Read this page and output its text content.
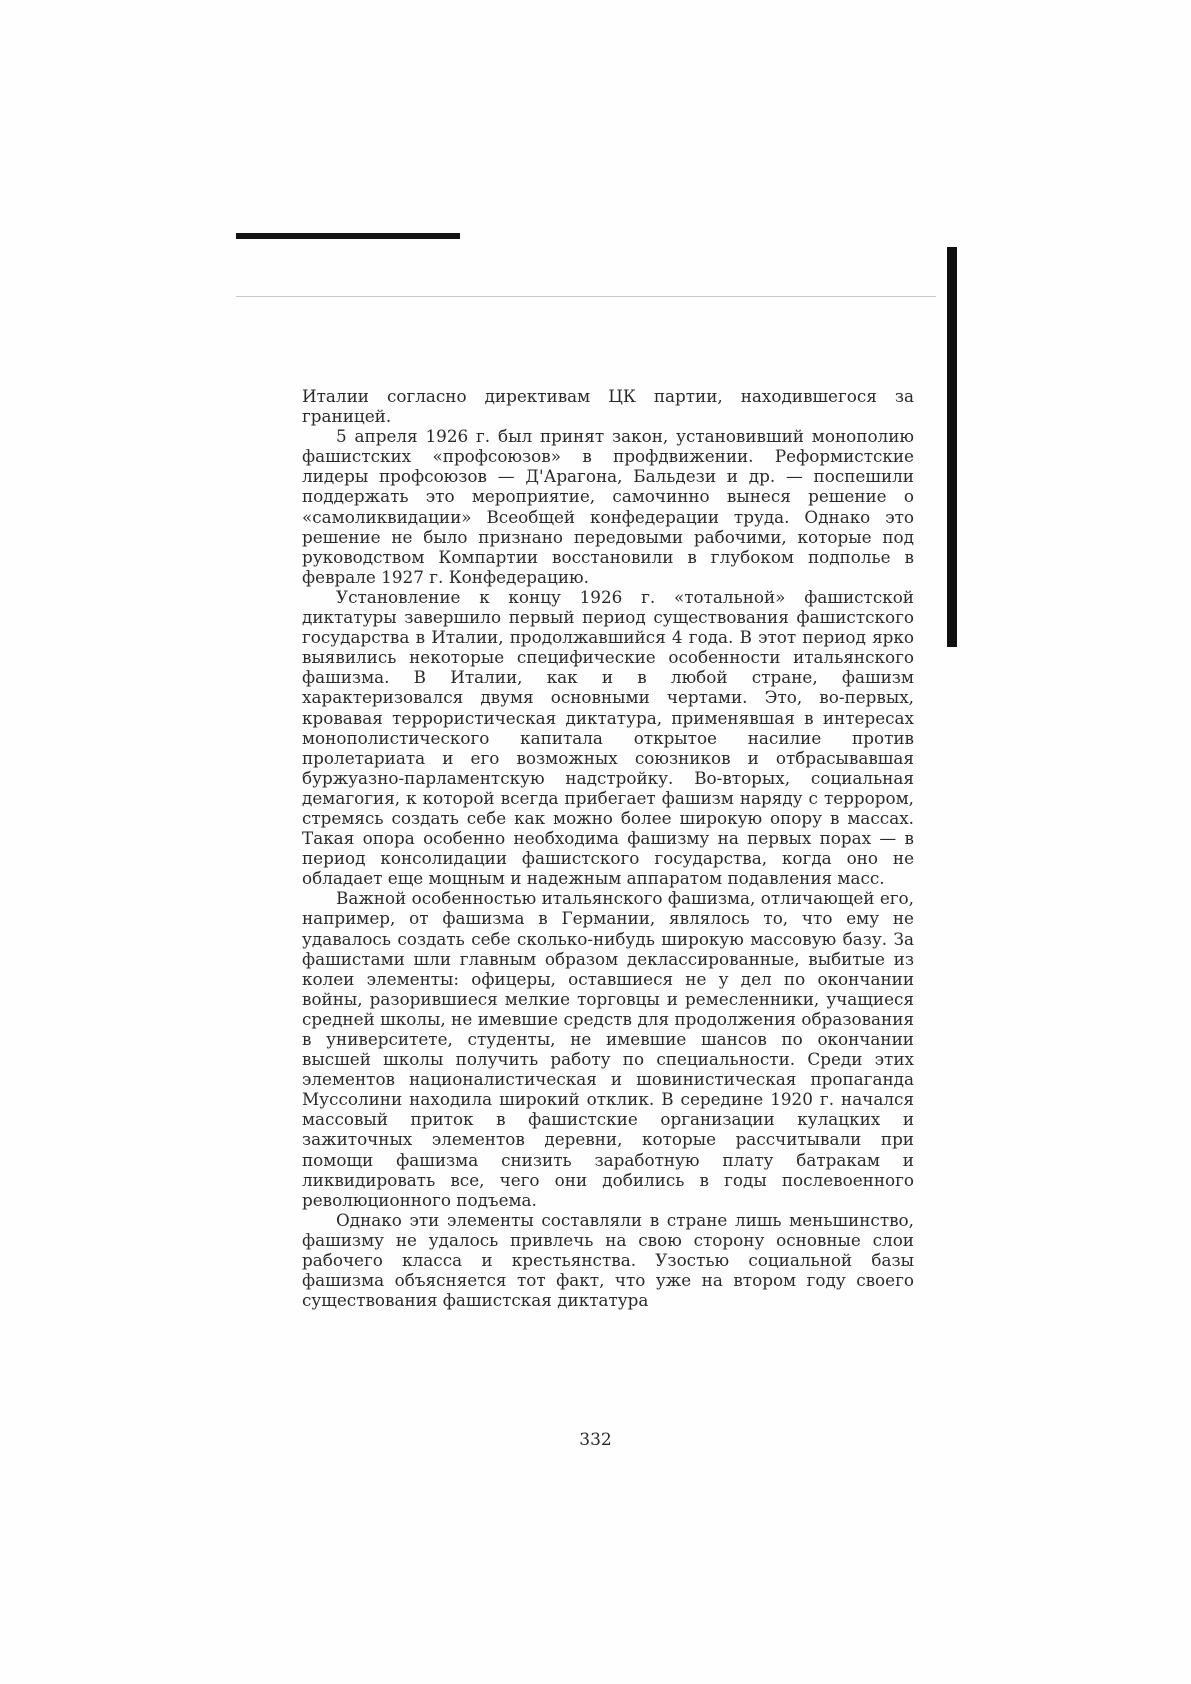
Италии согласно директивам ЦК партии, находившегося за границей.

5 апреля 1926 г. был принят закон, установивший монополию фашистских «профсоюзов» в профдвижении. Реформистские лидеры профсоюзов — Д'Арагона, Бальдези и др. — поспешили поддержать это мероприятие, самочинно вынеся решение о «самоликвидации» Всеобщей конфедерации труда. Однако это решение не было признано передовыми рабочими, которые под руководством Компартии восстановили в глубоком подполье в феврале 1927 г. Конфедерацию.

Установление к концу 1926 г. «тотальной» фашистской диктатуры завершило первый период существования фашистского государства в Италии, продолжавшийся 4 года. В этот период ярко выявились некоторые специфические особенности итальянского фашизма. В Италии, как и в любой стране, фашизм характеризовался двумя основными чертами. Это, во-первых, кровавая террористическая диктатура, применявшая в интересах монополистического капитала открытое насилие против пролетариата и его возможных союзников и отбрасывавшая буржуазно-парламентскую надстройку. Во-вторых, социальная демагогия, к которой всегда прибегает фашизм наряду с террором, стремясь создать себе как можно более широкую опору в массах. Такая опора особенно необходима фашизму на первых порах — в период консолидации фашистского государства, когда оно не обладает еще мощным и надежным аппаратом подавления масс.

Важной особенностью итальянского фашизма, отличающей его, например, от фашизма в Германии, являлось то, что ему не удавалось создать себе сколько-нибудь широкую массовую базу. За фашистами шли главным образом деклассированные, выбитые из колеи элементы: офицеры, оставшиеся не у дел по окончании войны, разорившиеся мелкие торговцы и ремесленники, учащиеся средней школы, не имевшие средств для продолжения образования в университете, студенты, не имевшие шансов по окончании высшей школы получить работу по специальности. Среди этих элементов националистическая и шовинистическая пропаганда Муссолини находила широкий отклик. В середине 1920 г. начался массовый приток в фашистские организации кулацких и зажиточных элементов деревни, которые рассчитывали при помощи фашизма снизить заработную плату батракам и ликвидировать все, чего они добились в годы послевоенного революционного подъема.

Однако эти элементы составляли в стране лишь меньшинство, фашизму не удалось привлечь на свою сторону основные слои рабочего класса и крестьянства. Узостью социальной базы фашизма объясняется тот факт, что уже на втором году своего существования фашистская диктатура

332
